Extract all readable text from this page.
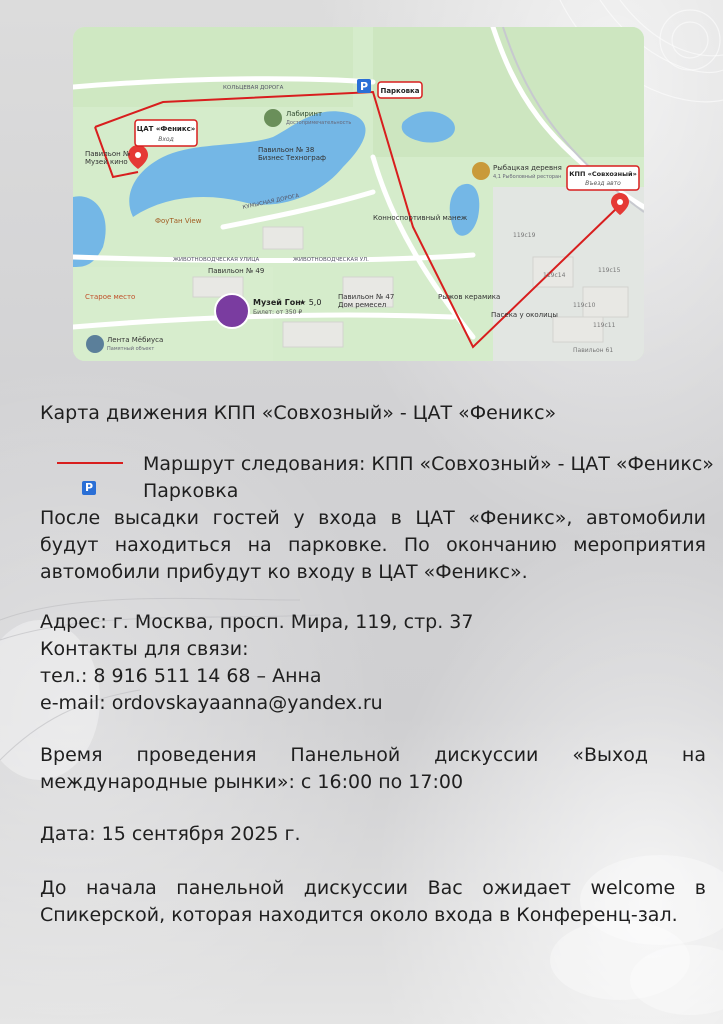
P
ЦАТ «Феникс»
Вход
Парковка
КПП «Совхозный»
Въезд авто
Лабиринт
Достопримечательность
Павильон № 38
Бизнес Технограф
Павильон №
Музей кино
Рыбацкая деревня
4,1 Рыболовный ресторан
Конноспортивный манеж
ФоуТан View
Павильон № 49
Музей Гон
★ 5,0
Билет: от 350 ₽
Павильон № 47
Дом ремесел
Рыжов керамика
Старое место
Лента Мёбиуса
Памятный объект
Пасека у околицы
КОЛЬЦЕВАЯ ДОРОГА
КУМЫСНАЯ ДОРОГА
ЖИВОТНОВОДЧЕСКАЯ УЛИЦА	ЖИВОТНОВОДЧЕСКАЯ УЛ.
119с19
119с14
119с15
119с10
119с11
Павильон 61
Карта движения КПП «Совхозный» - ЦАТ «Феникс»
Маршрут следования: КПП «Совхозный» - ЦАТ «Феникс»
P	Парковка
После высадки гостей у входа в ЦАТ «Феникс», автомобили будут находиться на парковке. По окончанию мероприятия автомобили прибудут ко входу в ЦАТ «Феникс».
Адрес: г. Москва, просп. Мира, 119, стр. 37
Контакты для связи:
тел.: 8 916 511 14 68 – Анна
e-mail: ordovskayaanna@yandex.ru
Время проведения Панельной дискуссии «Выход на международные рынки»: с 16:00 по 17:00
Дата: 15 сентября 2025 г.
До начала панельной дискуссии Вас ожидает welcome в Спикерской, которая находится около входа в Конференц-зал.
